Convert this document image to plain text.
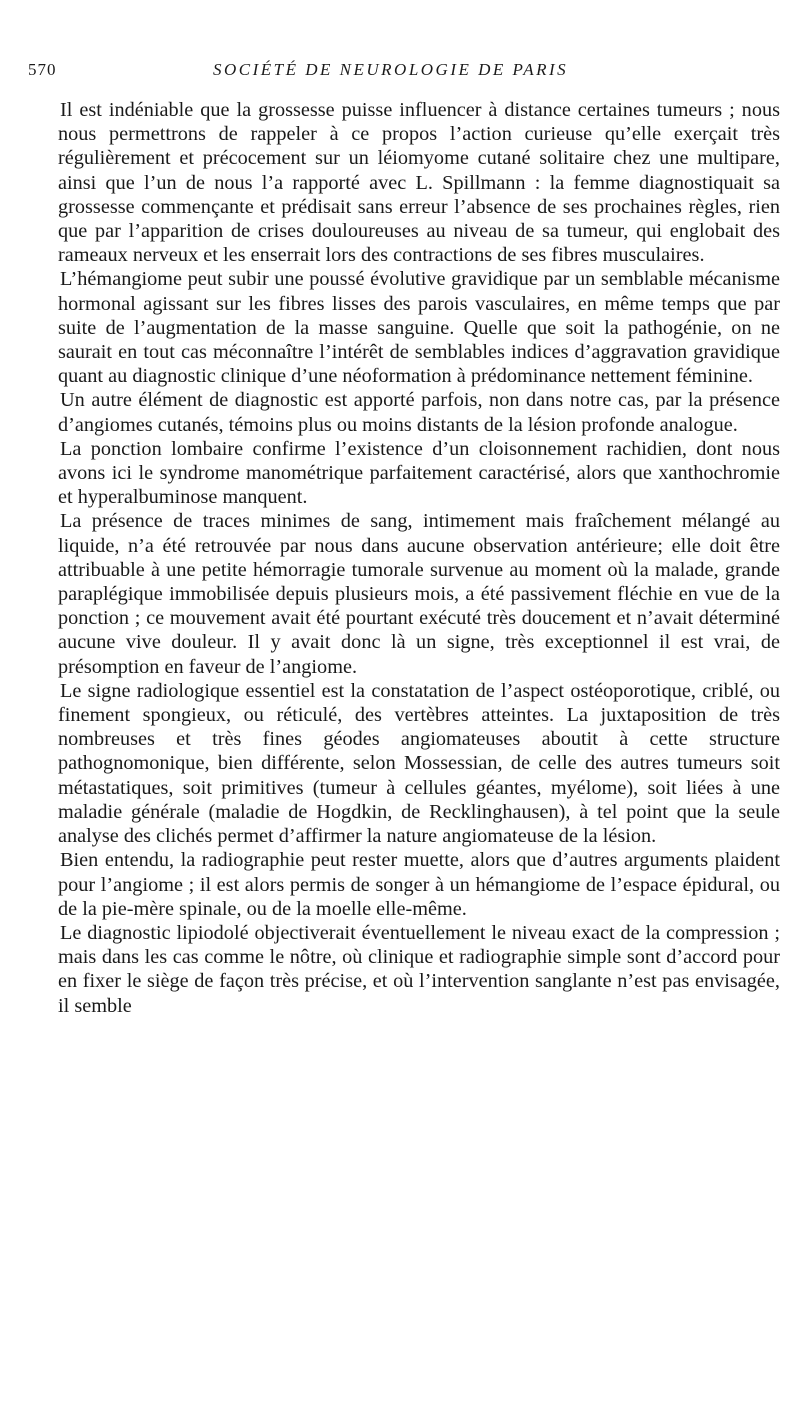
570	SOCIÉTÉ DE NEUROLOGIE DE PARIS

Il est indéniable que la grossesse puisse influencer à distance certaines tumeurs ; nous nous permettrons de rappeler à ce propos l’action curieuse qu’elle exerçait très régulièrement et précocement sur un léiomyome cutané solitaire chez une multipare, ainsi que l’un de nous l’a rapporté avec L. Spillmann : la femme diagnostiquait sa grossesse commençante et prédisait sans erreur l’absence de ses prochaines règles, rien que par l’apparition de crises douloureuses au niveau de sa tumeur, qui englobait des rameaux nerveux et les enserrait lors des contractions de ses fibres musculaires.

L’hémangiome peut subir une poussé évolutive gravidique par un semblable mécanisme hormonal agissant sur les fibres lisses des parois vasculaires, en même temps que par suite de l’augmentation de la masse sanguine. Quelle que soit la pathogénie, on ne saurait en tout cas méconnaître l’intérêt de semblables indices d’aggravation gravidique quant au diagnostic clinique d’une néoformation à prédominance nettement féminine.

Un autre élément de diagnostic est apporté parfois, non dans notre cas, par la présence d’angiomes cutanés, témoins plus ou moins distants de la lésion profonde analogue.

La ponction lombaire confirme l’existence d’un cloisonnement rachidien, dont nous avons ici le syndrome manométrique parfaitement caractérisé, alors que xanthochromie et hyperalbuminose manquent.

La présence de traces minimes de sang, intimement mais fraîchement mélangé au liquide, n’a été retrouvée par nous dans aucune observation antérieure; elle doit être attribuable à une petite hémorragie tumorale survenue au moment où la malade, grande paraplégique immobilisée depuis plusieurs mois, a été passivement fléchie en vue de la ponction ; ce mouvement avait été pourtant exécuté très doucement et n’avait déterminé aucune vive douleur. Il y avait donc là un signe, très exceptionnel il est vrai, de présomption en faveur de l’angiome.

Le signe radiologique essentiel est la constatation de l’aspect ostéoporotique, criblé, ou finement spongieux, ou réticulé, des vertèbres atteintes. La juxtaposition de très nombreuses et très fines géodes angiomateuses aboutit à cette structure pathognomonique, bien différente, selon Mossessian, de celle des autres tumeurs soit métastatiques, soit primitives (tumeur à cellules géantes, myélome), soit liées à une maladie générale (maladie de Hogdkin, de Recklinghausen), à tel point que la seule analyse des clichés permet d’affirmer la nature angiomateuse de la lésion.

Bien entendu, la radiographie peut rester muette, alors que d’autres arguments plaident pour l’angiome ; il est alors permis de songer à un hémangiome de l’espace épidural, ou de la pie-mère spinale, ou de la moelle elle-même.

Le diagnostic lipiodolé objectiverait éventuellement le niveau exact de la compression ; mais dans les cas comme le nôtre, où clinique et radiographie simple sont d’accord pour en fixer le siège de façon très précise, et où l’intervention sanglante n’est pas envisagée, il semble
